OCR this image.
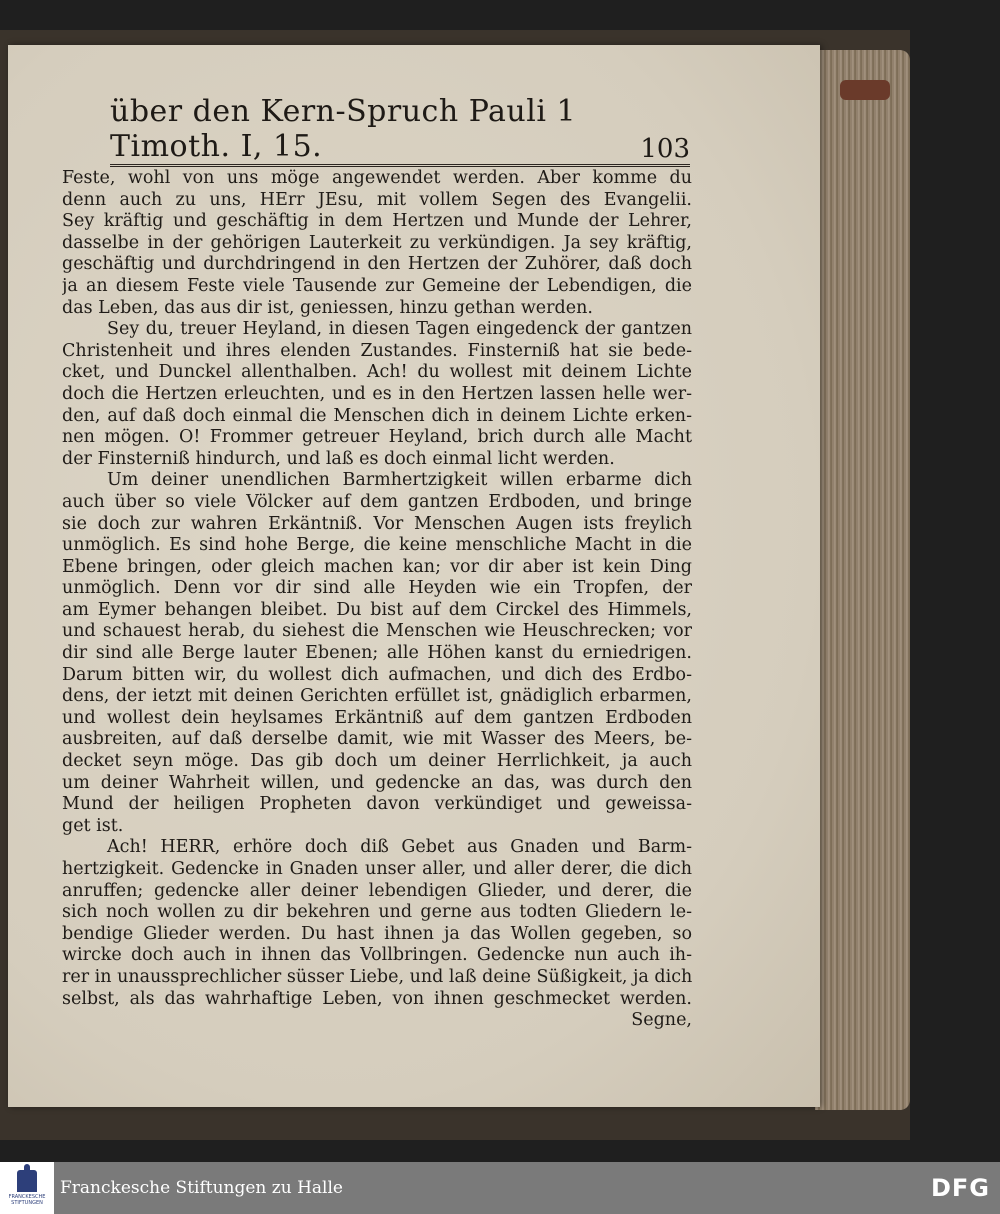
über den Kern-Spruch Pauli 1 Timoth. I, 15.	103
Feste, wohl von uns möge angewendet werden. Aber komme du
denn auch zu uns, HErr JEsu, mit vollem Segen des Evangelii.
Sey kräftig und geschäftig in dem Hertzen und Munde der Lehrer,
dasselbe in der gehörigen Lauterkeit zu verkündigen. Ja sey kräftig,
geschäftig und durchdringend in den Hertzen der Zuhörer, daß doch
ja an diesem Feste viele Tausende zur Gemeine der Lebendigen, die
das Leben, das aus dir ist, geniessen, hinzu gethan werden.
Sey du, treuer Heyland, in diesen Tagen eingedenck der gantzen
Christenheit und ihres elenden Zustandes. Finsterniß hat sie bede-
cket, und Dunckel allenthalben. Ach! du wollest mit deinem Lichte
doch die Hertzen erleuchten, und es in den Hertzen lassen helle wer-
den, auf daß doch einmal die Menschen dich in deinem Lichte erken-
nen mögen. O! Frommer getreuer Heyland, brich durch alle Macht
der Finsterniß hindurch, und laß es doch einmal licht werden.
Um deiner unendlichen Barmhertzigkeit willen erbarme dich
auch über so viele Völcker auf dem gantzen Erdboden, und bringe
sie doch zur wahren Erkäntniß. Vor Menschen Augen ists freylich
unmöglich. Es sind hohe Berge, die keine menschliche Macht in die
Ebene bringen, oder gleich machen kan; vor dir aber ist kein Ding
unmöglich. Denn vor dir sind alle Heyden wie ein Tropfen, der
am Eymer behangen bleibet. Du bist auf dem Circkel des Himmels,
und schauest herab, du siehest die Menschen wie Heuschrecken; vor
dir sind alle Berge lauter Ebenen; alle Höhen kanst du erniedrigen.
Darum bitten wir, du wollest dich aufmachen, und dich des Erdbo-
dens, der ietzt mit deinen Gerichten erfüllet ist, gnädiglich erbarmen,
und wollest dein heylsames Erkäntniß auf dem gantzen Erdboden
ausbreiten, auf daß derselbe damit, wie mit Wasser des Meers, be-
decket seyn möge. Das gib doch um deiner Herrlichkeit, ja auch
um deiner Wahrheit willen, und gedencke an das, was durch den
Mund der heiligen Propheten davon verkündiget und geweissa-
get ist.
Ach! HERR, erhöre doch diß Gebet aus Gnaden und Barm-
hertzigkeit. Gedencke in Gnaden unser aller, und aller derer, die dich
anruffen; gedencke aller deiner lebendigen Glieder, und derer, die
sich noch wollen zu dir bekehren und gerne aus todten Gliedern le-
bendige Glieder werden. Du hast ihnen ja das Wollen gegeben, so
wircke doch auch in ihnen das Vollbringen. Gedencke nun auch ih-
rer in unaussprechlicher süsser Liebe, und laß deine Süßigkeit, ja dich
selbst, als das wahrhaftige Leben, von ihnen geschmecket werden.
Segne,
FRANCKESCHE STIFTUNGEN
Franckesche Stiftungen zu Halle	DFG
